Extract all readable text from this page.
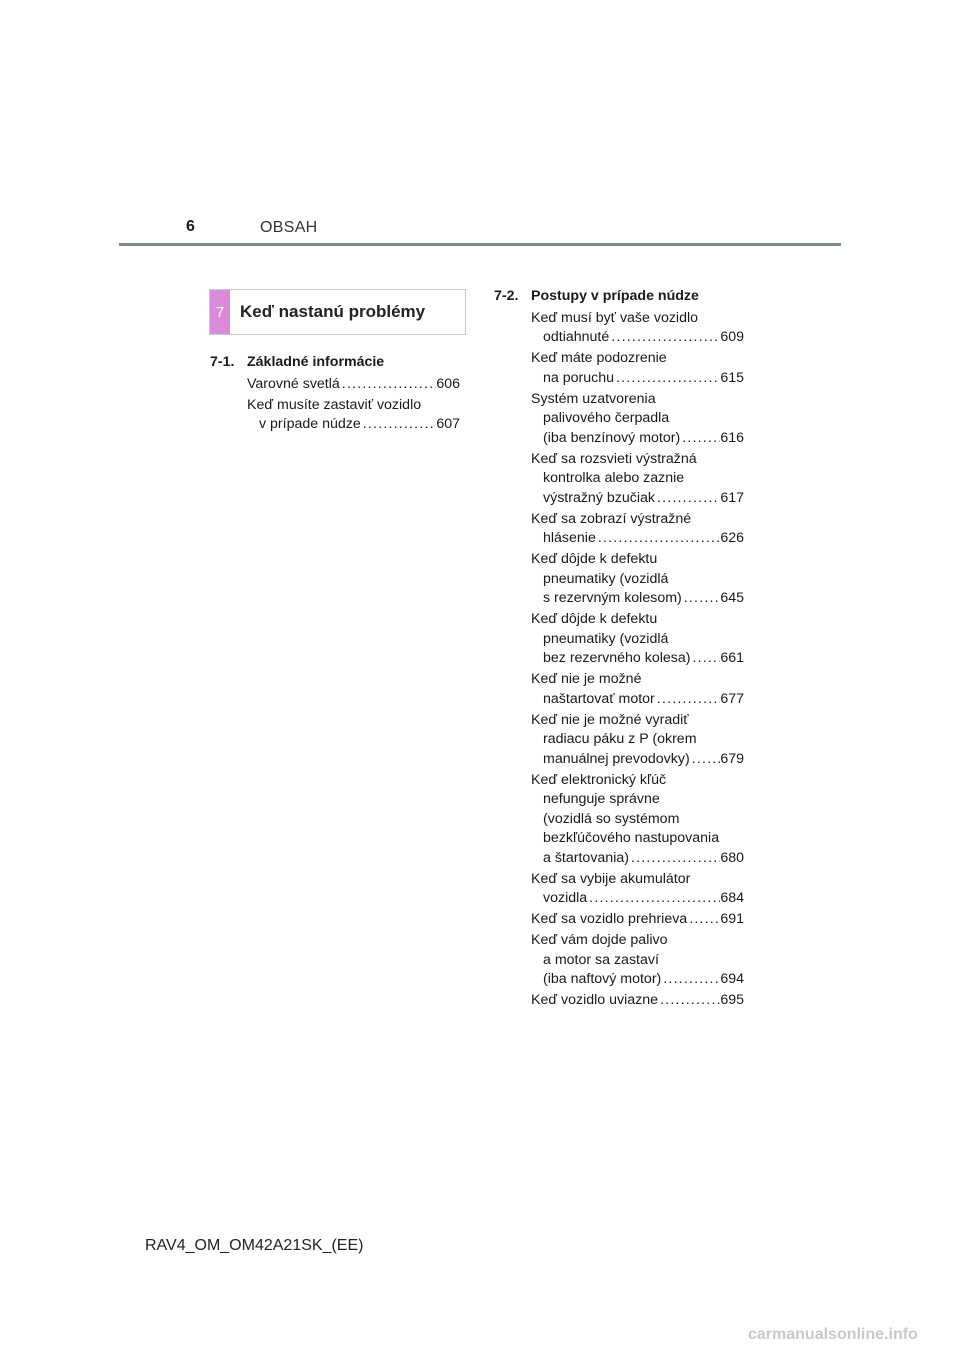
6	OBSAH
7 Keď nastanú problémy
7-1. Základné informácie
Varovné svetlá .....	606
Keď musíte zastaviť vozidlo
v prípade núdze .....	607
7-2. Postupy v prípade núdze
Keď musí byť vaše vozidlo
odtiahnuté .....	609
Keď máte podozrenie
na poruchu .....	615
Systém uzatvorenia
palivového čerpadla
(iba benzínový motor) .....	616
Keď sa rozsvieti výstražná
kontrolka alebo zaznie
výstražný bzučiak .....	617
Keď sa zobrazí výstražné
hlásenie .....	626
Keď dôjde k defektu
pneumatiky (vozidlá
s rezervným kolesom) .....	645
Keď dôjde k defektu
pneumatiky (vozidlá
bez rezervného kolesa) ..... 661
Keď nie je možné
naštartovať motor .....	677
Keď nie je možné vyradiť
radiacu páku z P (okrem
manuálnej prevodovky) ..... 679
Keď elektronický kľúč
nefunguje správne
(vozidlá so systémom
bezkľúčového nastupovania
a štartovania) .....	680
Keď sa vybije akumulátor
vozidla .....	684
Keď sa vozidlo prehrieva ..... 691
Keď vám dojde palivo
a motor sa zastaví
(iba naftový motor) .....	694
Keď vozidlo uviazne .....	695
RAV4_OM_OM42A21SK_(EE)
carmanualsonline.info
